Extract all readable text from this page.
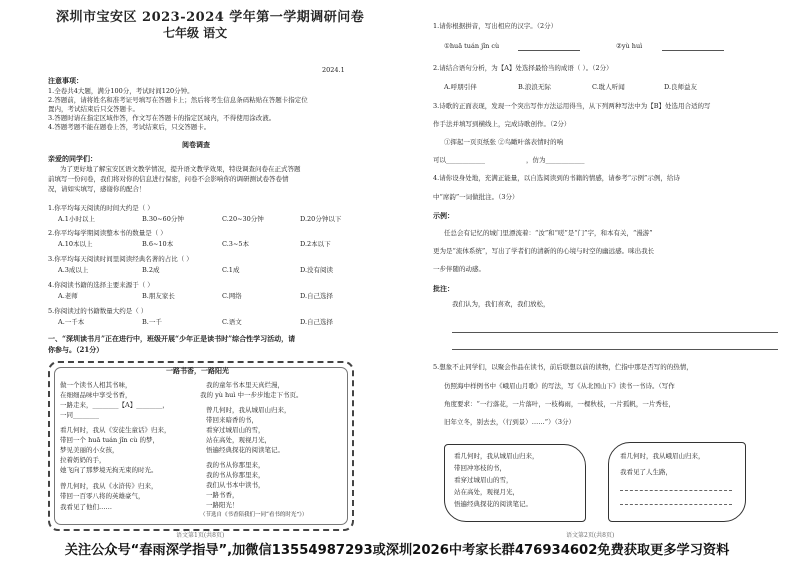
深圳市宝安区 2023-2024 学年第一学期调研问卷
七年级 语文
2024.1
注意事项：
1.全卷共4大题，满分100分，考试时间120分钟。
2.答题前，请将姓名和准考证号填写在答题卡上；然后将考生信息条码粘贴在答题卡指定位
置内，考试结束后只交答题卡。
3.答题时请在指定区域作答，作文写在答题卡的指定区域内，不得使用涂改液。
4.答题考题不能在题卷上答，考试结束后，只交答题卡。
阅卷调查
亲爱的同学们：
为了更好地了解宝安区语文教学情况，提升语文教学效果，特设调查问卷在正式答题
前填写一份问卷，我们将对你的信息进行保密，问卷不会影响你的调研测试卷答卷情
况，请如实填写，感谢你的配合！
1.你平均每天阅读的时间大约是（ ）
A.1小时以上	B.30~60分钟	C.20~30分钟	D.20分钟以下
2.你平均每学期阅读整本书的数量是（ ）
A.10本以上	B.6~10本	C.3~5本	D.2本以下
3.你平均每天阅读时间里阅读经典名著的占比（ ）
A.3成以上	B.2成	C.1成	D.没有阅读
4.你阅读书籍的选择主要来源于（ ）
A.老师	B.朋友家长	C.网络	D.自己选择
5.你阅读过的书籍数量大约是（ ）
A.一千本	B.一千	C.语文	D.自己选择
一、“深圳读书月”正在进行中，班级开展“少年正是读书时”综合性学习活动，请
你参与。（21分）
一路书香，一路阳光
做一个读书人相其书味，
在细细品味中享受书香，
一路走来，________【A】________，
一同________
看几何时，我从《安徒生童话》归来，
带回一个 huā tuán jǐn cù 的梦，
梦见美丽的小女孩，
拉着奶奶的手，
她飞向了那梦境无拘无束的时光。
曾几何时，我从《水浒传》归来，
带回一百零八将的英雄豪气，
我看见了他们……
我的童年书本里天真烂漫，
我的 yù huì 中一步步地走下书页。
曾几何时，我从城眉山归来，
带回来暗香的书，
看穿过城眉山的雪，
站在高处，观视月光，
悟遍经典探花的阅读笔记。
我的书从你那里来，
我的书从你那里来，
我们从书本中读书，
一路书香，
一路阳光！
（节选自《书香陪我们一同“看书的时光”》）
语文第1页(共8页)
1.请你根据拼音，写出相应的汉字。（2分）
①huā tuán jǐn cù	②yù huì
2.请结合语句分析，为【A】处选择最恰当的成语（ ）。（2分）
A.呼朋引伴	B.浪浪无际	C.耽人听闻	D.良师益友
3.诗歌的正面表现，发现一个突出写作方法运用得当，从下列两种写法中为【B】处选用合适的写
作手法并填写到横线上，完成诗歌创作。（2分）
①挥起一页页纸张 ②鸟瞰叶落表情时的响
可以____________	，仿为____________
4.请你设身处地，充满正能量，以自选阅读到的书籍的情感，请参考“示例”示例，给诗
中“席韵”一词做批注。（3分）
示例：
任总会有记忆的城门里漂流着：“汝”和“嗟”是“门”字，和本有关，“漫游”
更为是“流体系统”，写出了学者们的清新的的心境与时空的幽远感。咪出我长
一步伴随的动感。
批注：
我们认为，我们喜欢，我们放松，
5.想象不止同学们，以聚会作品在读书，前后联想以前的读物，伫指中那是否写的的热情，
仿照海中样例书中《峨眉山月歌》的写法，写《从北国山下》读书一书诗。（写作
角度要求：“一行落花，一片落叶，一枝梅雨，一棵秋枝，一片孤帆，一片秀桂，
旧年立冬，别去去，（行到景）……”）（3分）
看几何时，我从城眉山归来，
带回冲寒枝的书，
看穿过城眉山的雪，
站在高处，观视月光，
悟遍经典探花的阅读笔记。
看几何时，我从峨眉山归来，
我看见了人生路，
语文第2页(共8页)
关注公众号“春雨深学指导”,加微信13554987293或深圳2026中考家长群476934602免费获取更多学习资料
